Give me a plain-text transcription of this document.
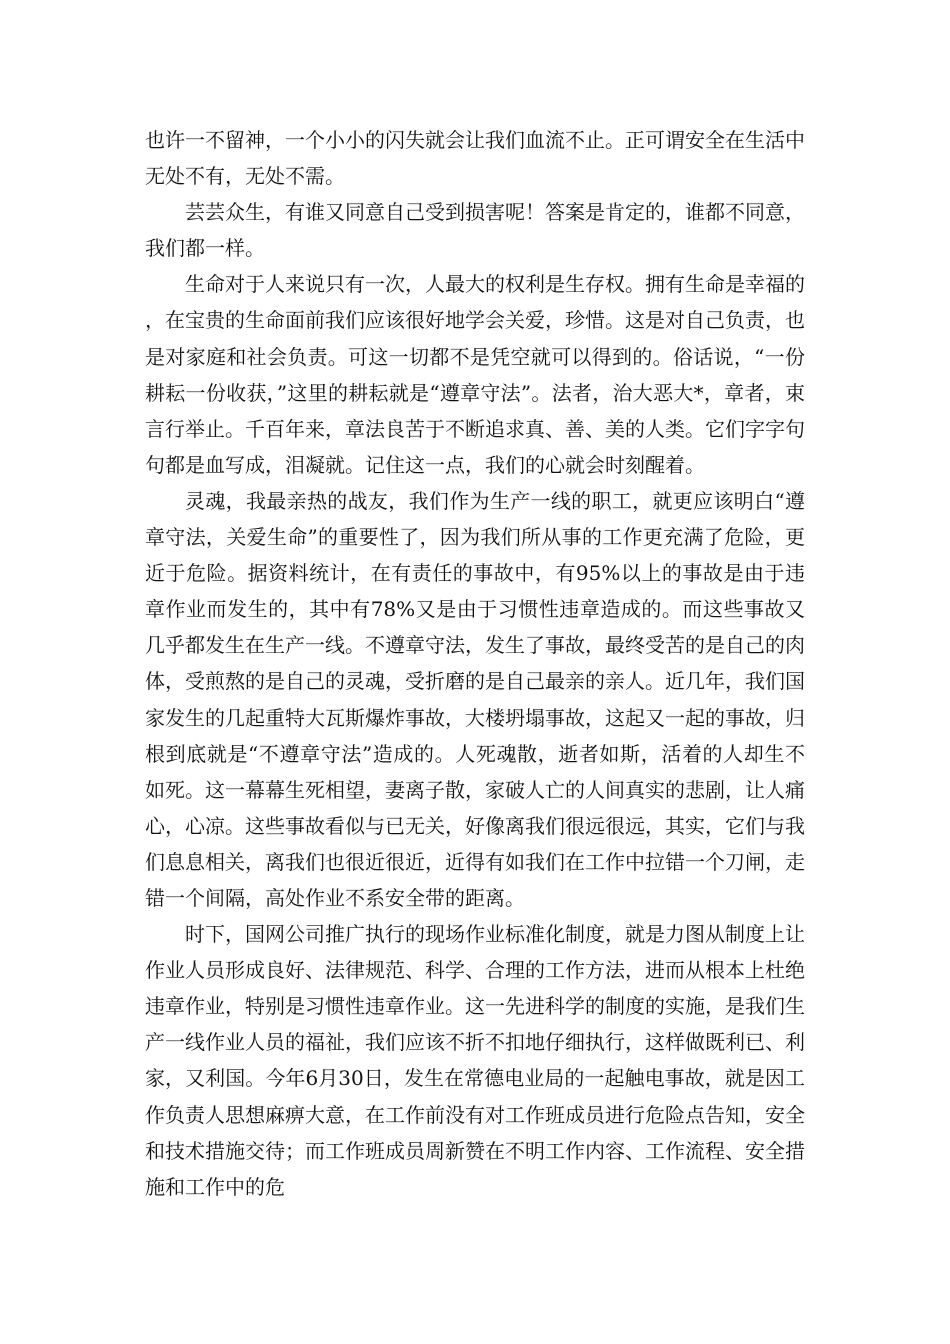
也许一不留神，一个小小的闪失就会让我们血流不止。正可谓安全在生活中无处不有，无处不需。

芸芸众生，有谁又同意自己受到损害呢！答案是肯定的，谁都不同意，我们都一样。

生命对于人来说只有一次，人最大的权利是生存权。拥有生命是幸福的，在宝贵的生命面前我们应该很好地学会关爱，珍惜。这是对自己负责，也是对家庭和社会负责。可这一切都不是凭空就可以得到的。俗话说，“一份耕耘一份收获，”这里的耕耘就是“遵章守法”。法者，治大恶大*，章者，束言行举止。千百年来，章法良苦于不断追求真、善、美的人类。它们字字句句都是血写成，泪凝就。记住这一点，我们的心就会时刻醒着。

灵魂，我最亲热的战友，我们作为生产一线的职工，就更应该明白“遵章守法，关爱生命”的重要性了，因为我们所从事的工作更充满了危险，更近于危险。据资料统计，在有责任的事故中，有95%以上的事故是由于违章作业而发生的，其中有78%又是由于习惯性违章造成的。而这些事故又几乎都发生在生产一线。不遵章守法，发生了事故，最终受苦的是自己的肉体，受煎熬的是自己的灵魂，受折磨的是自己最亲的亲人。近几年，我们国家发生的几起重特大瓦斯爆炸事故，大楼坍塌事故，这起又一起的事故，归根到底就是“不遵章守法”造成的。人死魂散，逝者如斯，活着的人却生不如死。这一幕幕生死相望，妻离子散，家破人亡的人间真实的悲剧，让人痛心，心凉。这些事故看似与已无关，好像离我们很远很远，其实，它们与我们息息相关，离我们也很近很近，近得有如我们在工作中拉错一个刀闸，走错一个间隔，高处作业不系安全带的距离。

时下，国网公司推广执行的现场作业标准化制度，就是力图从制度上让作业人员形成良好、法律规范、科学、合理的工作方法，进而从根本上杜绝违章作业，特别是习惯性违章作业。这一先进科学的制度的实施，是我们生产一线作业人员的福祉，我们应该不折不扣地仔细执行，这样做既利已、利家，又利国。今年6月30日，发生在常德电业局的一起触电事故，就是因工作负责人思想麻痹大意，在工作前没有对工作班成员进行危险点告知，安全和技术措施交待；而工作班成员周新赞在不明工作内容、工作流程、安全措施和工作中的危
